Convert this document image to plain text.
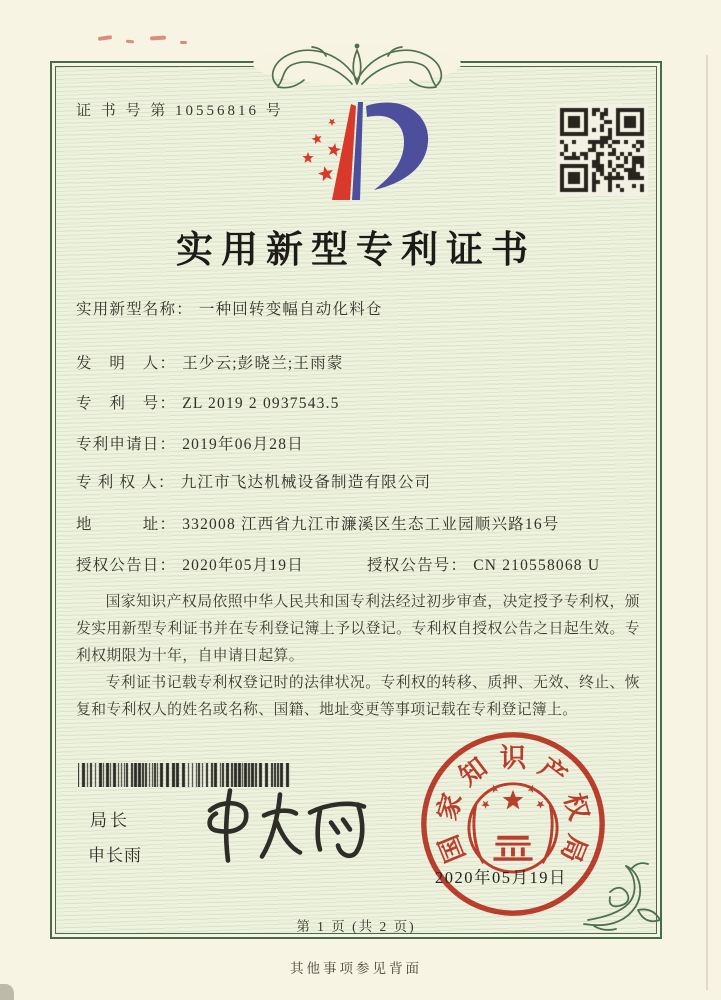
证 书 号 第 10556816 号
实用新型专利证书
实用新型名称： 一种回转变幅自动化料仓
发　明　人： 王少云;彭晓兰;王雨蒙
专　利　号： ZL 2019 2 0937543.5
专利申请日： 2019年06月28日
专 利 权 人： 九江市飞达机械设备制造有限公司
地　　　址： 332008 江西省九江市濂溪区生态工业园顺兴路16号
授权公告日： 2020年05月19日	授权公告号： CN 210558068 U

国家知识产权局依照中华人民共和国专利法经过初步审查，决定授予专利权，颁发实用新型专利证书并在专利登记簿上予以登记。专利权自授权公告之日起生效。专利权期限为十年，自申请日起算。

专利证书记载专利权登记时的法律状况。专利权的转移、质押、无效、终止、恢复和专利权人的姓名或名称、国籍、地址变更等事项记载在专利登记簿上。

局长
申长雨	国
家
知 识 产
权
局
2020年05月19日
第 1 页 (共 2 页)
其他事项参见背面
